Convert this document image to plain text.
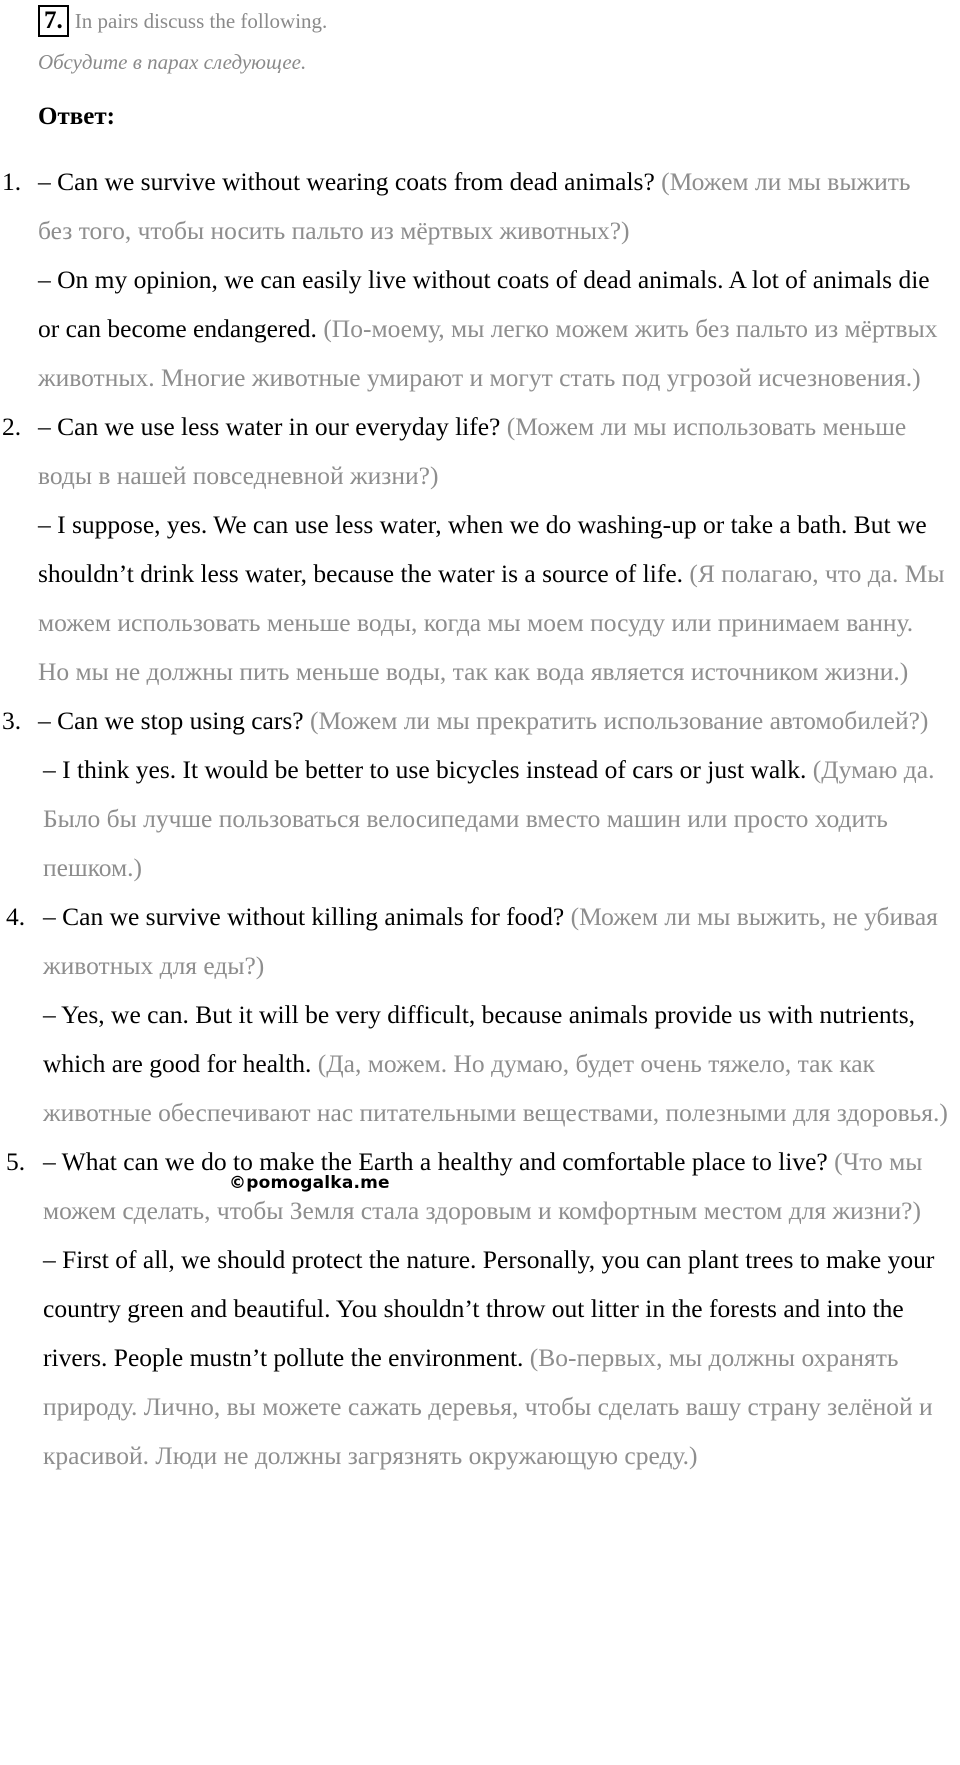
7. In pairs discuss the following.
Обсудите в парах следующее.
Ответ:
1. – Can we survive without wearing coats from dead animals? (Можем ли мы выжить без того, чтобы носить пальто из мёртвых животных?)

– On my opinion, we can easily live without coats of dead animals. A lot of animals die or can become endangered. (По-моему, мы легко можем жить без пальто из мёртвых животных. Многие животные умирают и могут стать под угрозой исчезновения.)

2. – Can we use less water in our everyday life? (Можем ли мы использовать меньше воды в нашей повседневной жизни?)

– I suppose, yes. We can use less water, when we do washing-up or take a bath. But we shouldn’t drink less water, because the water is a source of life. (Я полагаю, что да. Мы можем использовать меньше воды, когда мы моем посуду или принимаем ванну. Но мы не должны пить меньше воды, так как вода является источником жизни.)

3. – Can we stop using cars? (Можем ли мы прекратить использование автомобилей?)

– I think yes. It would be better to use bicycles instead of cars or just walk. (Думаю да. Было бы лучше пользоваться велосипедами вместо машин или просто ходить пешком.)

4. – Can we survive without killing animals for food? (Можем ли мы выжить, не убивая животных для еды?)

– Yes, we can. But it will be very difficult, because animals provide us with nutrients, which are good for health. (Да, можем. Но думаю, будет очень тяжело, так как животные обеспечивают нас питательными веществами, полезными для здоровья.)

5. – What can we do to make the Earth a healthy and comfortable place to live? (Что мы можем сделать, чтобы Земля стала здоровым и комфортным местом для жизни?)

– First of all, we should protect the nature. Personally, you can plant trees to make your country green and beautiful. You shouldn’t throw out litter in the forests and into the rivers. People mustn’t pollute the environment. (Во-первых, мы должны охранять природу. Лично, вы можете сажать деревья, чтобы сделать вашу страну зелёной и красивой. Люди не должны загрязнять окружающую среду.)

©pomogalka.me
